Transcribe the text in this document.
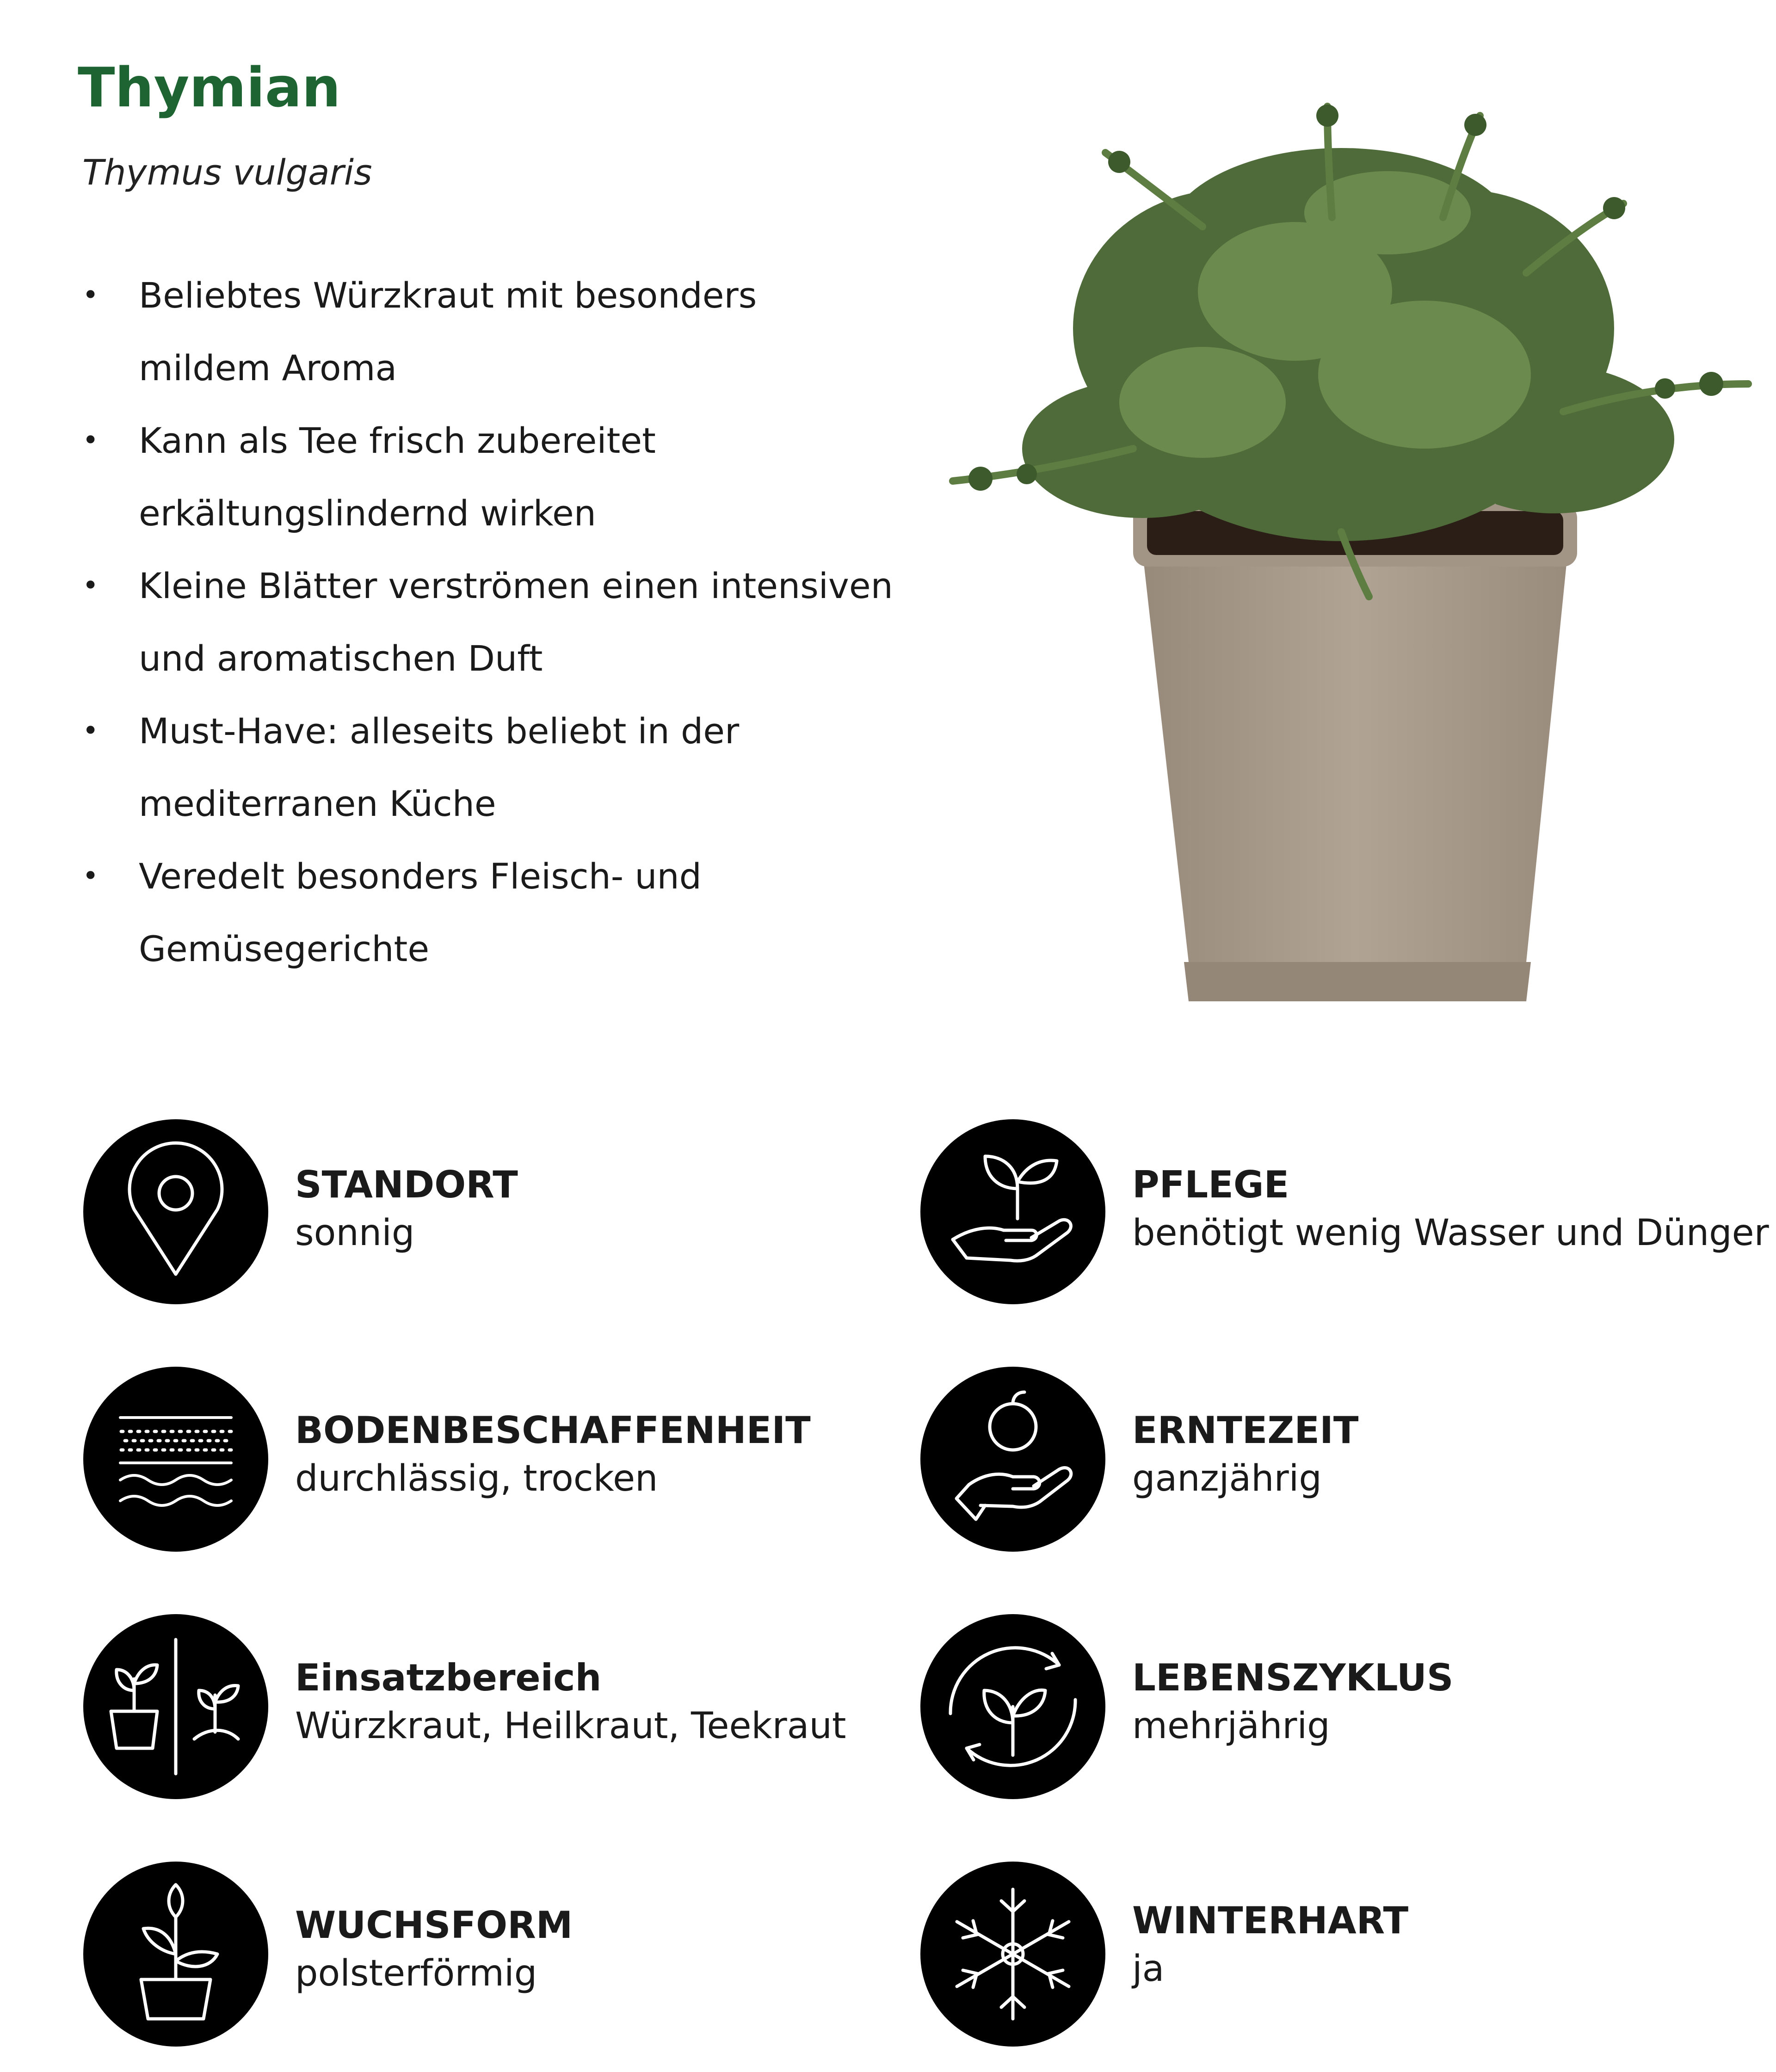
Thymian
Thymus vulgaris
• Beliebtes Würzkraut mit besonders
mildem Aroma
• Kann als Tee frisch zubereitet
erkältungslindernd wirken
• Kleine Blätter verströmen einen intensiven
und aromatischen Duft
• Must-Have: alleseits beliebt in der
mediterranen Küche
• Veredelt besonders Fleisch- und
Gemüsegerichte
STANDORT
sonnig
PFLEGE
benötigt wenig Wasser und Dünger
BODENBESCHAFFENHEIT
durchlässig, trocken
ERNTEZEIT
ganzjährig
Einsatzbereich
Würzkraut, Heilkraut, Teekraut
LEBENSZYKLUS
mehrjährig
WUCHSFORM
polsterförmig
WINTERHART
ja
